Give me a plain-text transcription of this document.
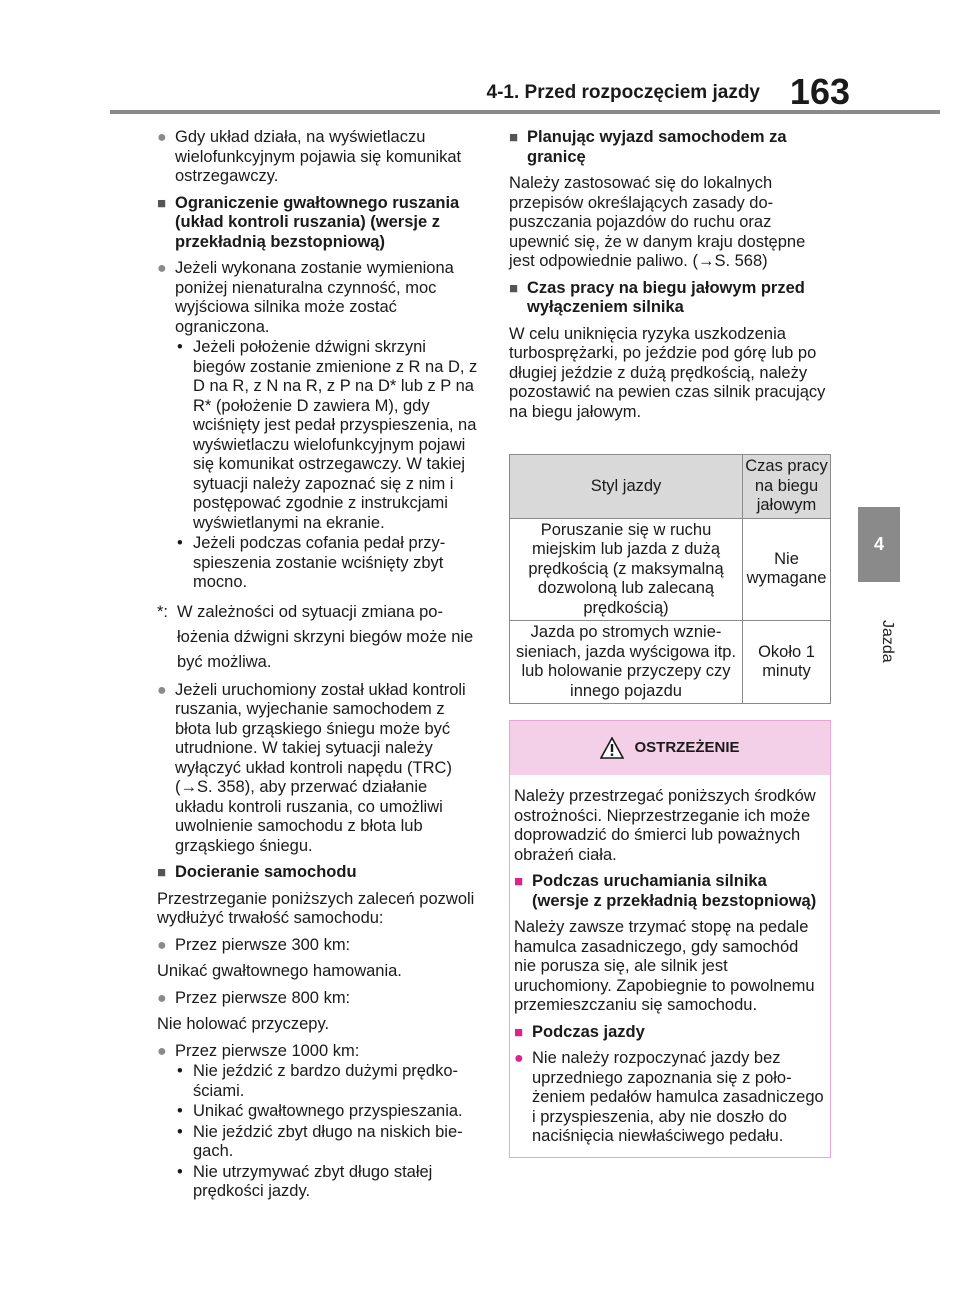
4-1. Przed rozpoczęciem jazdy 163
4
Jazda
● Gdy układ działa, na wyświetlaczu wielofunkcyjnym pojawia się komunikat ostrzegawczy.
■ Ograniczenie gwałtownego ruszania (układ kontroli ruszania) (wersje z przekładnią bezstopniową)
● Jeżeli wykonana zostanie wymieniona poniżej nienaturalna czynność, moc wyjściowa silnika może zostać ograniczona.
• Jeżeli położenie dźwigni skrzyni biegów zostanie zmienione z R na D, z D na R, z N na R, z P na D* lub z P na R* (położenie D zawiera M), gdy wciśnięty jest pedał przyspieszenia, na wyświetlaczu wielofunkcyjnym pojawi się komunikat ostrzegawczy. W takiej sytuacji należy zapoznać się z nim i postępować zgodnie z instrukcjami wyświetlanymi na ekranie.
• Jeżeli podczas cofania pedał przyspieszenia zostanie wciśnięty zbyt mocno.
*: W zależności od sytuacji zmiana położenia dźwigni skrzyni biegów może nie być możliwa.
● Jeżeli uruchomiony został układ kontroli ruszania, wyjechanie samochodem z błota lub grząskiego śniegu może być utrudnione. W takiej sytuacji należy wyłączyć układ kontroli napędu (TRC) (→S. 358), aby przerwać działanie układu kontroli ruszania, co umożliwi uwolnienie samochodu z błota lub grząskiego śniegu.
■ Docieranie samochodu

Przestrzeganie poniższych zaleceń pozwoli wydłużyć trwałość samochodu:

● Przez pierwsze 300 km:

Unikać gwałtownego hamowania.

● Przez pierwsze 800 km:

Nie holować przyczepy.

● Przez pierwsze 1000 km:
• Nie jeździć z bardzo dużymi prędkościami.
• Unikać gwałtownego przyspieszania.
• Nie jeździć zbyt długo na niskich biegach.
• Nie utrzymywać zbyt długo stałej prędkości jazdy.
■ Planując wyjazd samochodem za granicę

Należy zastosować się do lokalnych przepisów określających zasady dopuszczania pojazdów do ruchu oraz upewnić się, że w danym kraju dostępne jest odpowiednie paliwo. (→S. 568)

■ Czas pracy na biegu jałowym przed wyłączeniem silnika

W celu uniknięcia ryzyka uszkodzenia turbosprężarki, po jeździe pod górę lub po długiej jeździe z dużą prędkością, należy pozostawić na pewien czas silnik pracujący na biegu jałowym.

Styl jazdy	Czas pracy na biegu jałowym
Poruszanie się w ruchu miejskim lub jazda z dużą prędkością (z maksymalną dozwoloną lub zalecaną prędkością)	Nie wymagane
Jazda po stromych wzniesieniach, jazda wyścigowa itp. lub holowanie przyczepy czy innego pojazdu	Około 1 minuty
OSTRZEŻENIE

Należy przestrzegać poniższych środków ostrożności. Nieprzestrzeganie ich może doprowadzić do śmierci lub poważnych obrażeń ciała.

■ Podczas uruchamiania silnika (wersje z przekładnią bezstopniową)

Należy zawsze trzymać stopę na pedale hamulca zasadniczego, gdy samochód nie porusza się, ale silnik jest uruchomiony. Zapobiegnie to powolnemu przemieszczaniu się samochodu.

■ Podczas jazdy
● Nie należy rozpoczynać jazdy bez uprzedniego zapoznania się z położeniem pedałów hamulca zasadniczego i przyspieszenia, aby nie doszło do naciśnięcia niewłaściwego pedału.
